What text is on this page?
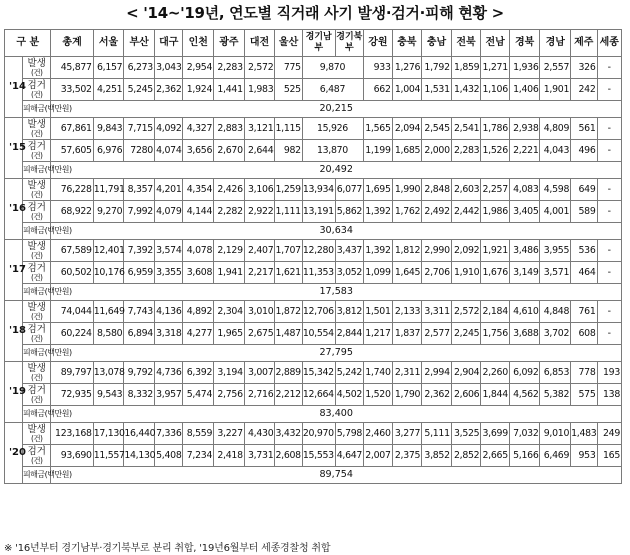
< '14~'19년, 연도별 직거래 사기 발생·검거·피해 현황 >
구 분		총계	서울	부산	대구	인천	광주	대전	울산	경기남부	경기북부	강원	충북	충남	전북	전남	경북	경남	제주	세종
'14	발생
(건)	45,877	6,157	6,273	3,043	2,954	2,283	2,572	775	9,870		933	1,276	1,792	1,859	1,271	1,936	2,557	326	-
	검거
(건)	33,502	4,251	5,245	2,362	1,924	1,441	1,983	525	6,487		662	1,004	1,531	1,432	1,106	1,406	1,901	242	-
	피해금(백만원)	20,215																		
'15	발생
(건)	67,861	9,843	7,715	4,092	4,327	2,883	3,121	1,115	15,926		1,565	2,094	2,545	2,541	1,786	2,938	4,809	561	-
	검거
(건)	57,605	6,976	7280	4,074	3,656	2,670	2,644	982	13,870		1,199	1,685	2,000	2,283	1,526	2,221	4,043	496	-
	피해금(백만원)	20,492																		
'16	발생
(건)	76,228	11,791	8,357	4,201	4,354	2,426	3,106	1,259	13,934	6,077	1,695	1,990	2,848	2,603	2,257	4,083	4,598	649	-
	검거
(건)	68,922	9,270	7,992	4,079	4,144	2,282	2,922	1,111	13,191	5,862	1,392	1,762	2,492	2,442	1,986	3,405	4,001	589	-
	피해금(백만원)	30,634																		
'17	발생
(건)	67,589	12,401	7,392	3,574	4,078	2,129	2,407	1,707	12,280	3,437	1,392	1,812	2,990	2,092	1,921	3,486	3,955	536	-
	검거
(건)	60,502	10,176	6,959	3,355	3,608	1,941	2,217	1,621	11,353	3,052	1,099	1,645	2,706	1,910	1,676	3,149	3,571	464	-
	피해금(백만원)	17,583																		
'18	발생
(건)	74,044	11,649	7,743	4,136	4,892	2,304	3,010	1,872	12,706	3,812	1,501	2,133	3,311	2,572	2,184	4,610	4,848	761	-
	검거
(건)	60,224	8,580	6,894	3,318	4,277	1,965	2,675	1,487	10,554	2,844	1,217	1,837	2,577	2,245	1,756	3,688	3,702	608	-
	피해금(백만원)	27,795																		
'19	발생
(건)	89,797	13,078	9,792	4,736	6,392	3,194	3,007	2,889	15,342	5,242	1,740	2,311	2,994	2,904	2,260	6,092	6,853	778	193
	검거
(건)	72,935	9,543	8,332	3,957	5,474	2,756	2,716	2,212	12,664	4,502	1,520	1,790	2,362	2,606	1,844	4,562	5,382	575	138
	피해금(백만원)	83,400																		
'20	발생
(건)	123,168	17,130	16,440	7,336	8,559	3,227	4,430	3,432	20,970	5,798	2,460	3,277	5,111	3,525	3,699	7,032	9,010	1,483	249
	검거
(건)	93,690	11,557	14,130	5,408	7,234	2,418	3,731	2,608	15,553	4,647	2,007	2,375	3,852	2,852	2,665	5,166	6,469	953	165
	피해금(백만원)	89,754																		
※ '16년부터 경기남부·경기북부로 분리 취합, '19년6월부터 세종경찰청 취합
